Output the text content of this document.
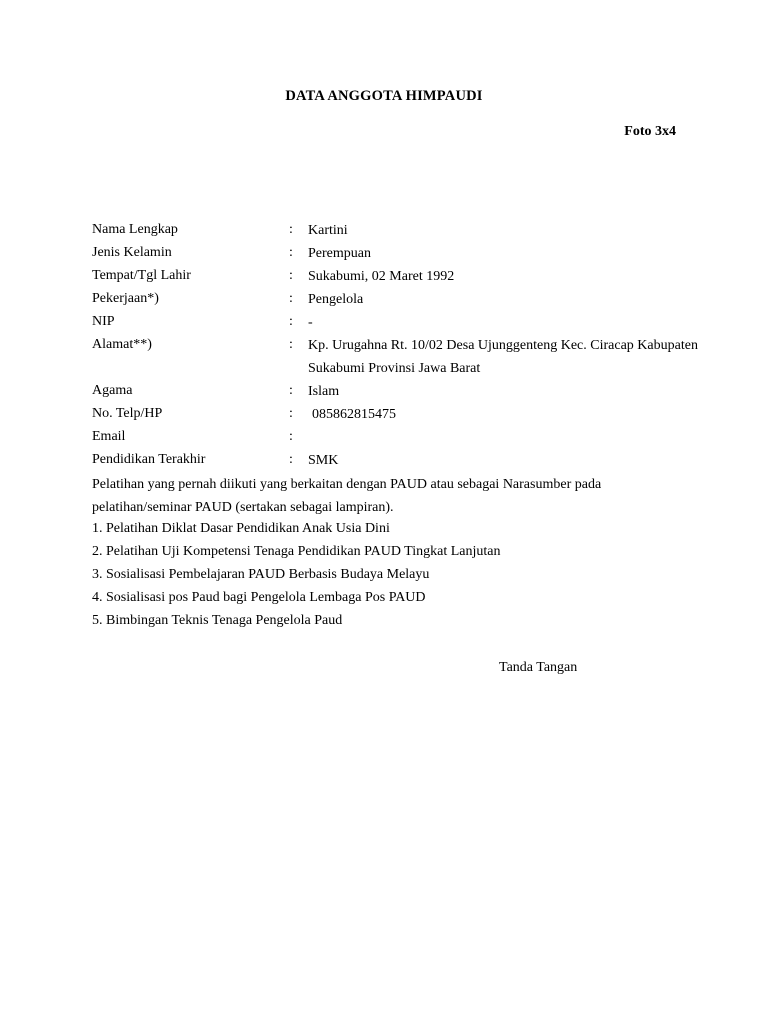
DATA ANGGOTA HIMPAUDI
Foto 3x4
Nama Lengkap	:	Kartini
Jenis Kelamin	:	Perempuan
Tempat/Tgl Lahir	:	Sukabumi, 02 Maret 1992
Pekerjaan*)	:	Pengelola
NIP	:	-
Alamat**)	:	Kp. Urugahna Rt. 10/02 Desa Ujunggenteng Kec. Ciracap Kabupaten Sukabumi Provinsi Jawa Barat
Agama	:	Islam
No. Telp/HP	:	085862815475
Email	:
Pendidikan Terakhir	:	SMK
Pelatihan yang pernah diikuti yang berkaitan dengan PAUD atau sebagai Narasumber pada pelatihan/seminar PAUD (sertakan sebagai lampiran).
1. Pelatihan Diklat Dasar Pendidikan Anak Usia Dini
2. Pelatihan Uji Kompetensi Tenaga Pendidikan PAUD Tingkat Lanjutan
3. Sosialisasi Pembelajaran PAUD Berbasis Budaya Melayu
4. Sosialisasi pos Paud bagi Pengelola Lembaga Pos PAUD
5. Bimbingan Teknis Tenaga Pengelola Paud
Tanda Tangan
